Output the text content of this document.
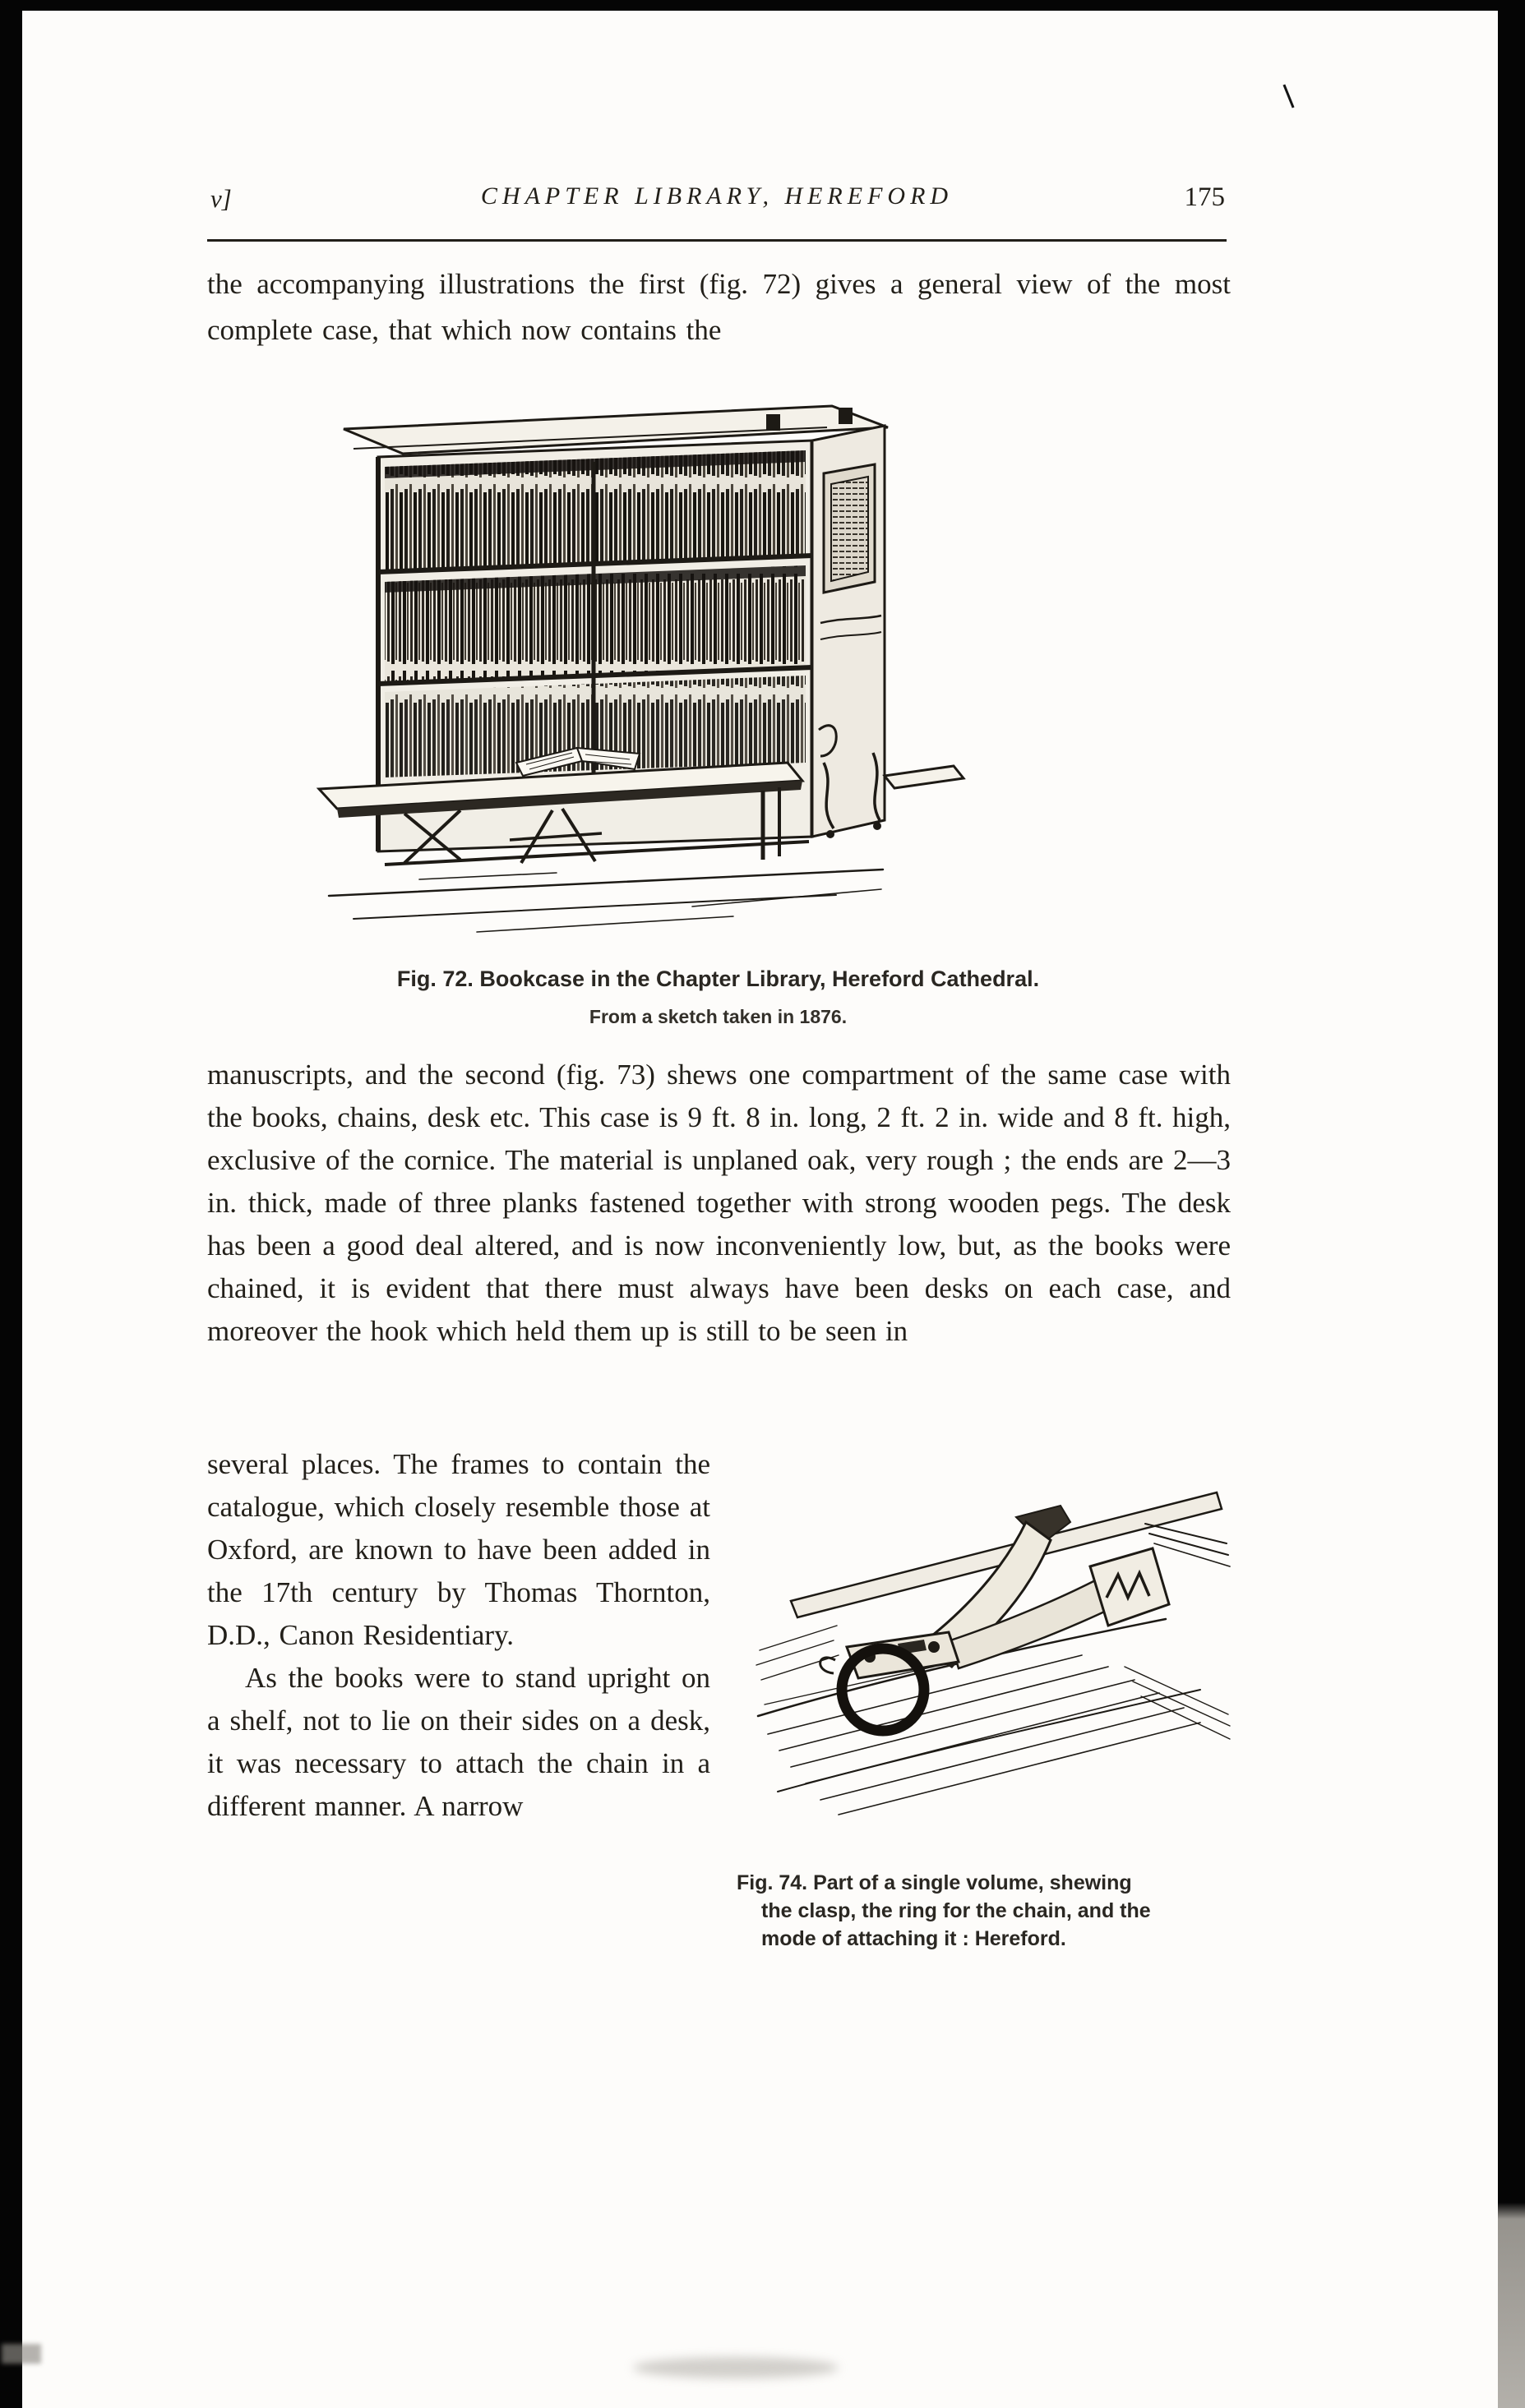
v]	CHAPTER LIBRARY, HEREFORD	175

the accompanying illustrations the first (fig. 72) gives a general view of the most complete case, that which now contains the

Fig. 72. Bookcase in the Chapter Library, Hereford Cathedral.
From a sketch taken in 1876.

manuscripts, and the second (fig. 73) shews one compartment of the same case with the books, chains, desk etc. This case is 9 ft. 8 in. long, 2 ft. 2 in. wide and 8 ft. high, exclusive of the cornice. The material is unplaned oak, very rough ; the ends are 2—3 in. thick, made of three planks fastened together with strong wooden pegs. The desk has been a good deal altered, and is now inconveniently low, but, as the books were chained, it is evident that there must always have been desks on each case, and moreover the hook which held them up is still to be seen in

several places. The frames to contain the catalogue, which closely resemble those at Oxford, are known to have been added in the 17th century by Thomas Thornton, D.D., Canon Residentiary.

As the books were to stand upright on a shelf, not to lie on their sides on a desk, it was necessary to attach the chain in a different manner. A narrow

Fig. 74. Part of a single volume, shewing
the clasp, the ring for the chain, and the
mode of attaching it : Hereford.
